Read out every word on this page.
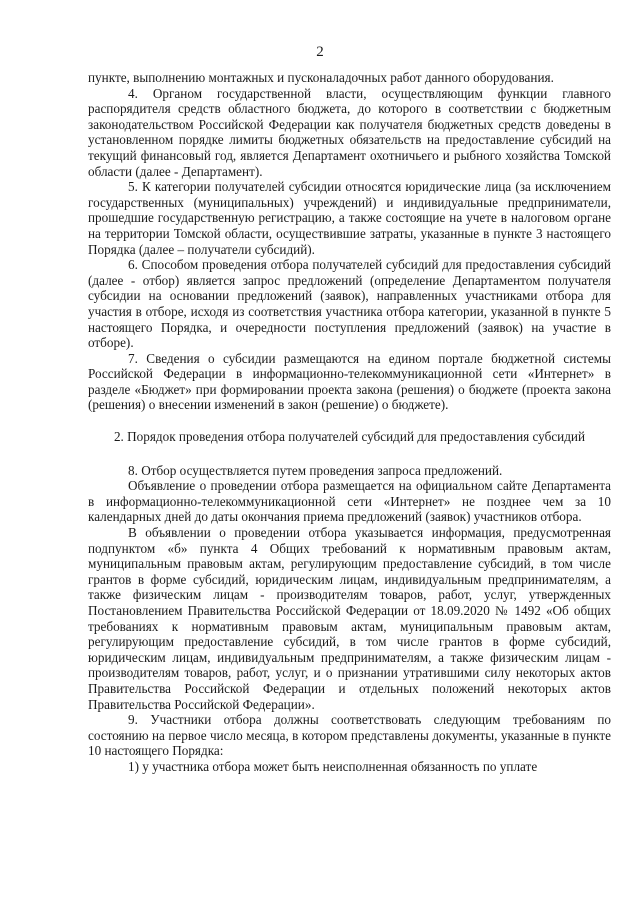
2

пункте, выполнению монтажных и пусконаладочных работ данного оборудования.

4. Органом государственной власти, осуществляющим функции главного распорядителя средств областного бюджета, до которого в соответствии с бюджетным законодательством Российской Федерации как получателя бюджетных средств доведены в установленном порядке лимиты бюджетных обязательств на предоставление субсидий на текущий финансовый год, является Департамент охотничьего и рыбного хозяйства Томской области (далее - Департамент).

5. К категории получателей субсидии относятся юридические лица (за исключением государственных (муниципальных) учреждений) и индивидуальные предприниматели, прошедшие государственную регистрацию, а также состоящие на учете в налоговом органе на территории Томской области, осуществившие затраты, указанные в пункте 3 настоящего Порядка (далее – получатели субсидий).

6. Способом проведения отбора получателей субсидий для предоставления субсидий (далее - отбор) является запрос предложений (определение Департаментом получателя субсидии на основании предложений (заявок), направленных участниками отбора для участия в отборе, исходя из соответствия участника отбора категории, указанной в пункте 5 настоящего Порядка, и очередности поступления предложений (заявок) на участие в отборе).

7. Сведения о субсидии размещаются на едином портале бюджетной системы Российской Федерации в информационно-телекоммуникационной сети «Интернет» в разделе «Бюджет» при формировании проекта закона (решения) о бюджете (проекта закона (решения) о внесении изменений в закон (решение) о бюджете).

2. Порядок проведения отбора получателей субсидий для предоставления субсидий

8. Отбор осуществляется путем проведения запроса предложений.

Объявление о проведении отбора размещается на официальном сайте Департамента в информационно-телекоммуникационной сети «Интернет» не позднее чем за 10 календарных дней до даты окончания приема предложений (заявок) участников отбора.

В объявлении о проведении отбора указывается информация, предусмотренная подпунктом «б» пункта 4 Общих требований к нормативным правовым актам, муниципальным правовым актам, регулирующим предоставление субсидий, в том числе грантов в форме субсидий, юридическим лицам, индивидуальным предпринимателям, а также физическим лицам - производителям товаров, работ, услуг, утвержденных Постановлением Правительства Российской Федерации от 18.09.2020 № 1492 «Об общих требованиях к нормативным правовым актам, муниципальным правовым актам, регулирующим предоставление субсидий, в том числе грантов в форме субсидий, юридическим лицам, индивидуальным предпринимателям, а также физическим лицам - производителям товаров, работ, услуг, и о признании утратившими силу некоторых актов Правительства Российской Федерации и отдельных положений некоторых актов Правительства Российской Федерации».

9. Участники отбора должны соответствовать следующим требованиям по состоянию на первое число месяца, в котором представлены документы, указанные в пункте 10 настоящего Порядка:

1) у участника отбора может быть неисполненная обязанность по уплате
